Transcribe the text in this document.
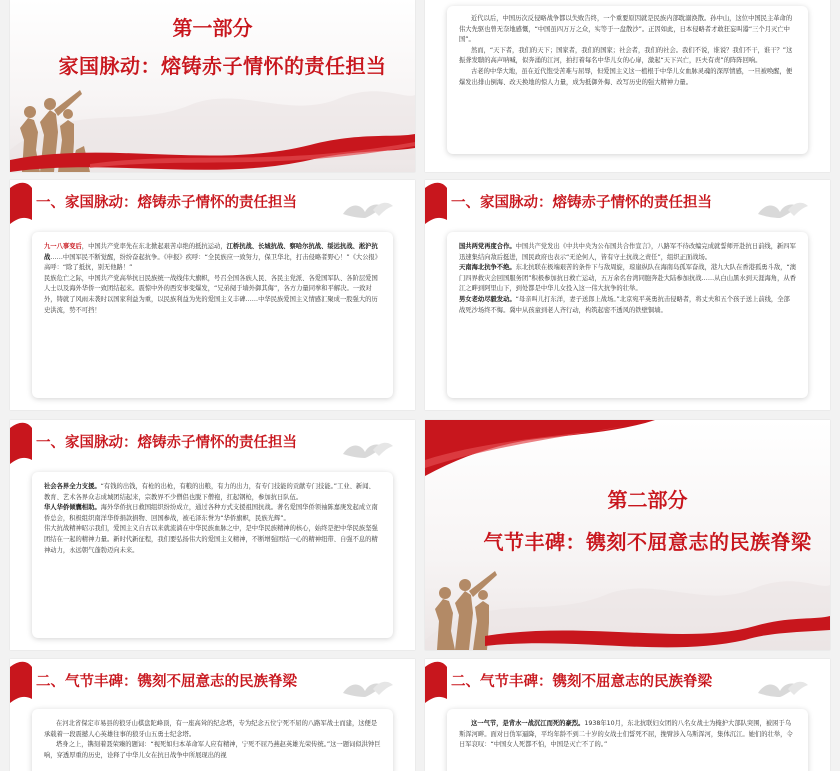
第一部分
家国脉动：熔铸赤子情怀的责任担当

近代以后，中国历次反侵略战争都以失败告终，一个重要原因就是民族内部耽溺涣散。孙中山，这位中国民主革命的伟大先驱也曾无奈地感慨，“中国虽四万万之众，实等于一盘散沙”。正因如此，日本侵略者才敢狂妄叫嚣“三个月灭亡中国”。

然而，“天下者，我们的天下；国家者，我们的国家；社会者，我们的社会。我们不说，谁说？我们不干，谁干？”这振聋发聩的高声呐喊，似奔涌的江河，拍打着每名中华儿女的心扉，激起“天下兴亡，匹夫有责”的阵阵回响。

古老的中华大地，虽在近代饱受苦难与屈辱，但爱国主义这一植根于中华儿女血脉灵魂的深厚情感，一旦被唤醒，便爆发出排山倒海、改天换地的惊人力量，成为抵御外侮、改写历史的强大精神力量。

一、家国脉动：熔铸赤子情怀的责任担当

九一八事变后，中国共产党率先在东北掀起艰苦卓绝的抵抗运动，江桥抗战、长城抗战、察哈尔抗战、绥远抗战、淞沪抗战……中国军民不断觉醒，纷纷奋起抗争。《申报》疾呼：“全民族应一致努力，保卫华北，打击侵略者野心！”《大公报》高呼：“除了抵抗，别无他路！”

民族危亡之际，中国共产党高举抗日民族统一战线伟大旗帜，号召全国各族人民、各民主党派、各爱国军队、各阶层爱国人士以及海外华侨一致团结起来。震惊中外的西安事变爆发，“兄弟阋于墙外御其侮”，各方力量同拳和平解决。一致对外，铸就了风雨未袭时以国家利益为重，以民族利益为先的爱国主义丰碑……中华民族爱国主义情感汇聚成一股强大的历史洪流，势不可挡！

一、家国脉动：熔铸赤子情怀的责任担当

国共两党再度合作。中国共产党发出《中共中央为公布国共合作宣言》，八路军不待改编完成就誓师开赴抗日前线，新四军迅速集结向敌后挺进，国民政府也表示“无论何人，皆有守土抗战之责任”，组织正面战场。

天南海北抗争不绝。东北抗联在极端艰苦的条件下与敌周旋，琼崖纵队在海南岛孤军奋战，港九大队在香港孤勇斗敌，“澳门四界救灾会回国服务团”积极参加抗日救亡运动，五万余名台湾同胞奔赴大陆参加抗战……从白山黑水到天涯海角，从香江之畔到阿里山下，到处都是中华儿女投入这一伟大抗争的壮举。

男女老幼尽毅发动。“母亲叫儿打东洋，妻子送郎上战场。”北京宛平英勇抗击侵略者，将丈夫和五个孩子送上前线，全部战死沙场终不悔。冀中从孩童到老人齐行动，构筑起密不透风的铁壁铜墙。

一、家国脉动：熔铸赤子情怀的责任担当

社会各界全力支援。“有钱的出钱，有枪的出枪，有粮的出粮，有力的出力，有专门技能的贡献专门技能。”工业、新闻、教育、艺术各界众志成城团结起来，宗教界不少僧侣也脱下僧袍，扛起钢枪，参加抗日队伍。

华人华侨倾囊相助。海外华侨抗日救国组织纷纷成立，通过各种方式支援祖国抗战。著名爱国华侨领袖陈嘉庚发起成立南侨总会，积极组织南洋华侨捐款捐物、回国参战，被毛泽东誉为“华侨旗帜，民族光辉”。

伟大抗战精神昭示我们，爱国主义自古以来就流淌在中华民族血脉之中，是中华民族精神的核心，始终是把中华民族坚强团结在一起的精神力量。新时代新征程，我们要弘扬伟大的爱国主义精神，不断增强团结一心的精神纽带、自强不息的精神动力，永远朝气蓬勃迈向未来。

第二部分
气节丰碑：镌刻不屈意志的民族脊梁
二、气节丰碑：镌刻不屈意志的民族脊梁

在河北省保定市易县的狼牙山棋盘陀峰顶，有一座高耸的纪念塔，专为纪念五位宁死不屈的八路军战士而建，这便是承载着一段震撼人心英雄往事的狼牙山五勇士纪念塔。

塔身之上，镌刻着聂荣臻的题词：“视死如归本革命军人应有精神，宁死不屈乃燕赵英雄光荣传统。”这一题词似洪钟巨响，穿透厚重的历史，诠释了中华儿女在抗日战争中所展现出的视

二、气节丰碑：镌刻不屈意志的民族脊梁

这一气节，是背水一战沉江而死的豪烈。1938年10月，东北抗联妇女团的八名女战士为掩护大部队突围，被困于乌斯浑河畔。面对日伪军逼降，平均年龄不到二十岁的女战士们誓死不屈，挽臂涉入乌斯浑河，集体沉江。她们的壮举，令日军哀叹：“中国女人死都不怕，中国是灭亡不了的。”
